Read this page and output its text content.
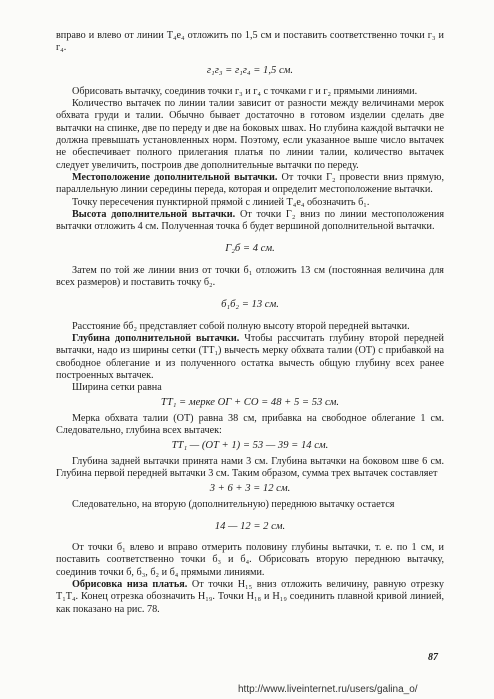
вправо и влево от линии T₄e₄ отложить по 1,5 см и поставить соответственно точки г₃ и г₄.

г₁г₃ = г₁г₄ = 1,5 см.

Обрисовать вытачку, соединив точки г₃ и г₄ с точками г и г₂ прямыми линиями.

Количество вытачек по линии талии зависит от разности между величинами мерок обхвата груди и талии. Обычно бывает достаточно в готовом изделии сделать две вытачки на спинке, две по переду и две на боковых швах. Но глубина каждой вытачки не должна превышать установленных норм. Поэтому, если указанное выше число вытачек не обеспечивает полного прилегания платья по линии талии, количество вытачек следует увеличить, построив две дополнительные вытачки по переду.

Местоположение дополнительной вытачки. От точки Г₂ провести вниз прямую, параллельную линии середины переда, которая и определит местоположение вытачки.

Точку пересечения пунктирной прямой с линией T₄e₄ обозначить б₁.

Высота дополнительной вытачки. От точки Г₂ вниз по линии местоположения вытачки отложить 4 см. Полученная точка б будет вершиной дополнительной вытачки.

Г₂б = 4 см.

Затем по той же линии вниз от точки б₁ отложить 13 см (постоянная величина для всех размеров) и поставить точку б₂.

б₁б₂ = 13 см.

Расстояние бб₂ представляет собой полную высоту второй передней вытачки.

Глубина дополнительной вытачки. Чтобы рассчитать глубину второй передней вытачки, надо из ширины сетки (ТТ₁) вычесть мерку обхвата талии (ОТ) с прибавкой на свободное облегание и из полученного остатка вычесть общую глубину всех ранее построенных вытачек.

Ширина сетки равна

ТТ₁ = мерке ОГ + СО = 48 + 5 = 53 см.

Мерка обхвата талии (ОТ) равна 38 см, прибавка на свободное облегание 1 см. Следовательно, глубина всех вытачек:

ТТ₁ — (ОТ + 1) = 53 — 39 = 14 см.

Глубина задней вытачки принята нами 3 см. Глубина вытачки на боковом шве 6 см. Глубина первой передней вытачки 3 см. Таким образом, сумма трех вытачек составляет

3 + 6 + 3 = 12 см.

Следовательно, на вторую (дополнительную) переднюю вытачку остается

14 — 12 = 2 см.

От точки б₁ влево и вправо отмерить половину глубины вытачки, т. е. по 1 см, и поставить соответственно точки б₃ и б₄. Обрисовать вторую переднюю вытачку, соединив точки б, б₃, б₂ и б₄ прямыми линиями.

Обрисовка низа платья. От точки Н₁₅ вниз отложить величину, равную отрезку Т₁Т₄. Конец отрезка обозначить Н₁₉. Точки Н₁₈ и Н₁₉ соединить плавной кривой линией, как показано на рис. 78.

87
http://www.liveinternet.ru/users/galina_o/
